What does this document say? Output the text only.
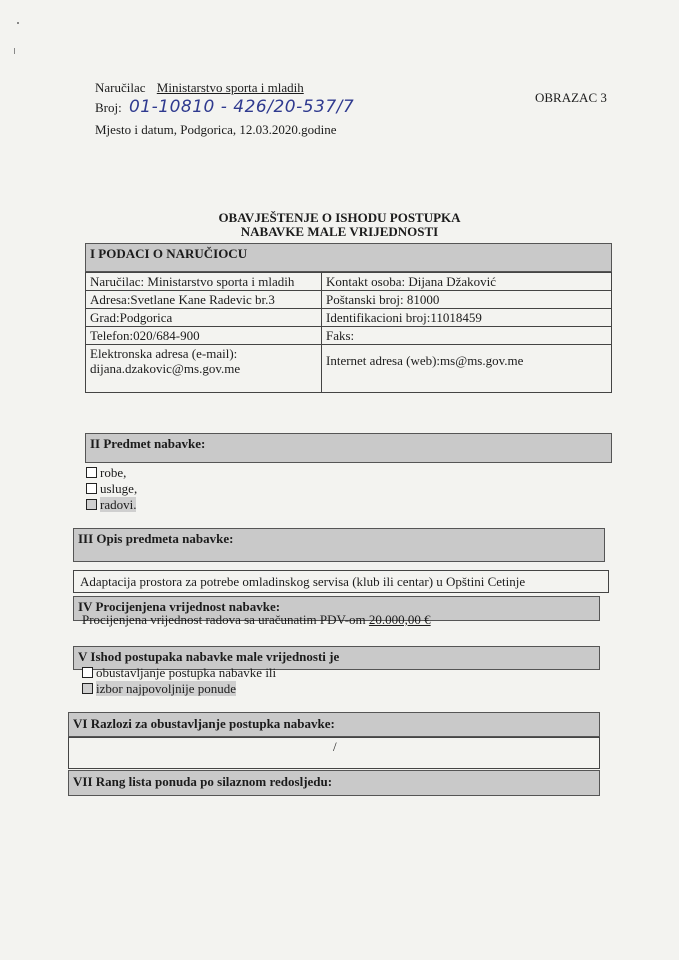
Naručilac Ministarstvo sporta i mladih
Broj: 01-10810 - 426/20-537/7
Mjesto i datum, Podgorica, 12.03.2020.godine
OBRAZAC 3
OBAVJEŠTENJE O ISHODU POSTUPKA
NABAVKE MALE VRIJEDNOSTI
I PODACI O NARUČIOCU
Naručilac: Ministarstvo sporta i mladih	Kontakt osoba: Dijana Džaković
Adresa:Svetlane Kane Radevic br.3	Poštanski broj: 81000
Grad:Podgorica	Identifikacioni broj:11018459
Telefon:020/684-900	Faks:

Elektronska adresa (e-mail):
dijana.dzakovic@ms.gov.me	Internet adresa (web):ms@ms.gov.me
II Predmet nabavke:
robe,
usluge,
radovi.
III Opis predmeta nabavke:
Adaptacija prostora za potrebe omladinskog servisa (klub ili centar) u Opštini Cetinje
IV Procijenjena vrijednost nabavke:
Procijenjena vrijednost radova sa uračunatim PDV-om 20.000,00 €
V Ishod postupaka nabavke male vrijednosti je
obustavljanje postupka nabavke ili
izbor najpovoljnije ponude
VI Razlozi za obustavljanje postupka nabavke:
/
VII Rang lista ponuda po silaznom redosljedu:
